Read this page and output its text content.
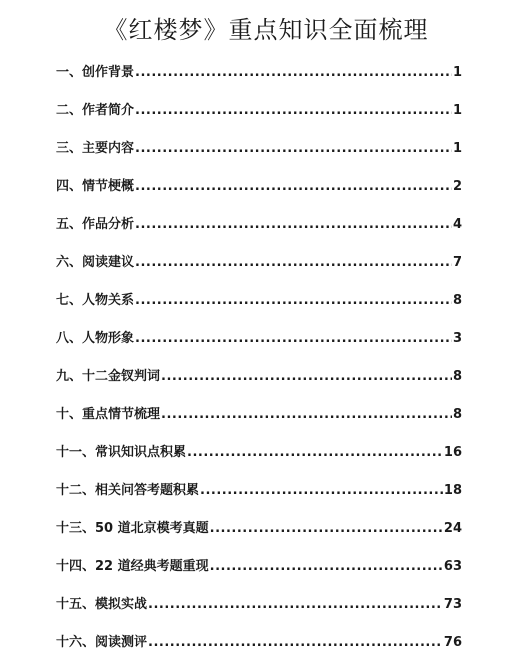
《红楼梦》重点知识全面梳理
一、创作背景 .....	1
二、作者简介 .....	1
三、主要内容 .....	1
四、情节梗概 .....	2
五、作品分析 .....	4
六、阅读建议 .....	7
七、人物关系 .....	8
八、人物形象 .....	3
九、十二金钗判词 .....	8
十、重点情节梳理 .....	8
十一、常识知识点积累 .....	16
十二、相关问答考题积累 .....	18
十三、50 道北京模考真题 .....	24
十四、22 道经典考题重现 .....	63
十五、模拟实战 .....	73
十六、阅读测评 .....	76
